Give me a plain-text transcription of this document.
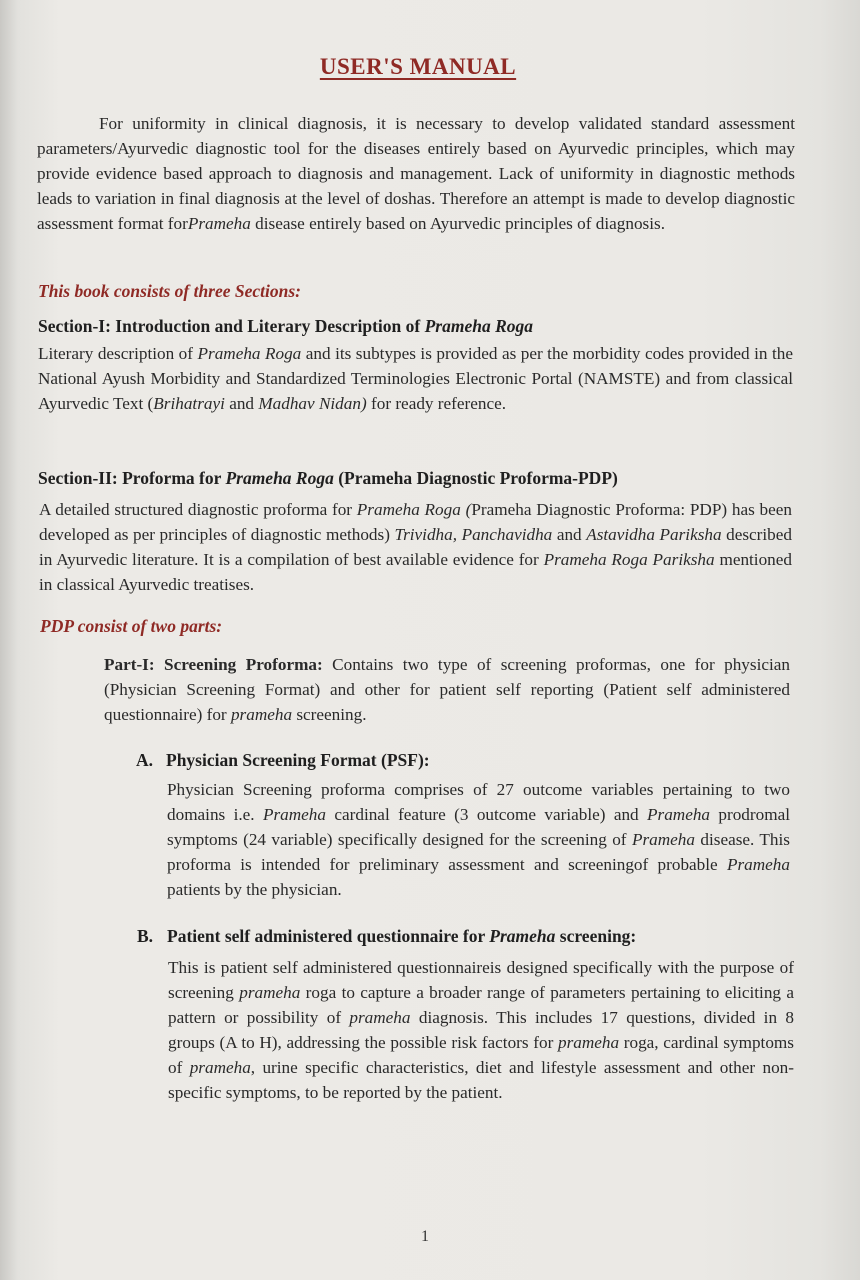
USER'S MANUAL
For uniformity in clinical diagnosis, it is necessary to develop validated standard assessment parameters/Ayurvedic diagnostic tool for the diseases entirely based on Ayurvedic principles, which may provide evidence based approach to diagnosis and management. Lack of uniformity in diagnostic methods leads to variation in final diagnosis at the level of doshas. Therefore an attempt is made to develop diagnostic assessment format forPrameha disease entirely based on Ayurvedic principles of diagnosis.
This book consists of three Sections:
Section-I: Introduction and Literary Description of Prameha Roga
Literary description of Prameha Roga and its subtypes is provided as per the morbidity codes provided in the National Ayush Morbidity and Standardized Terminologies Electronic Portal (NAMSTE) and from classical Ayurvedic Text (Brihatrayi and Madhav Nidan) for ready reference.
Section-II: Proforma for Prameha Roga (Prameha Diagnostic Proforma-PDP)
A detailed structured diagnostic proforma for Prameha Roga (Prameha Diagnostic Proforma: PDP) has been developed as per principles of diagnostic methods) Trividha, Panchavidha and Astavidha Pariksha described in Ayurvedic literature. It is a compilation of best available evidence for Prameha Roga Pariksha mentioned in classical Ayurvedic treatises.
PDP consist of two parts:
Part-I: Screening Proforma: Contains two type of screening proformas, one for physician (Physician Screening Format) and other for patient self reporting (Patient self administered questionnaire) for prameha screening.
A. Physician Screening Format (PSF):
Physician Screening proforma comprises of 27 outcome variables pertaining to two domains i.e. Prameha cardinal feature (3 outcome variable) and Prameha prodromal symptoms (24 variable) specifically designed for the screening of Prameha disease. This proforma is intended for preliminary assessment and screeningof probable Prameha patients by the physician.
B. Patient self administered questionnaire for Prameha screening:
This is patient self administered questionnaireis designed specifically with the purpose of screening prameha roga to capture a broader range of parameters pertaining to eliciting a pattern or possibility of prameha diagnosis. This includes 17 questions, divided in 8 groups (A to H), addressing the possible risk factors for prameha roga, cardinal symptoms of prameha, urine specific characteristics, diet and lifestyle assessment and other non-specific symptoms, to be reported by the patient.
1
